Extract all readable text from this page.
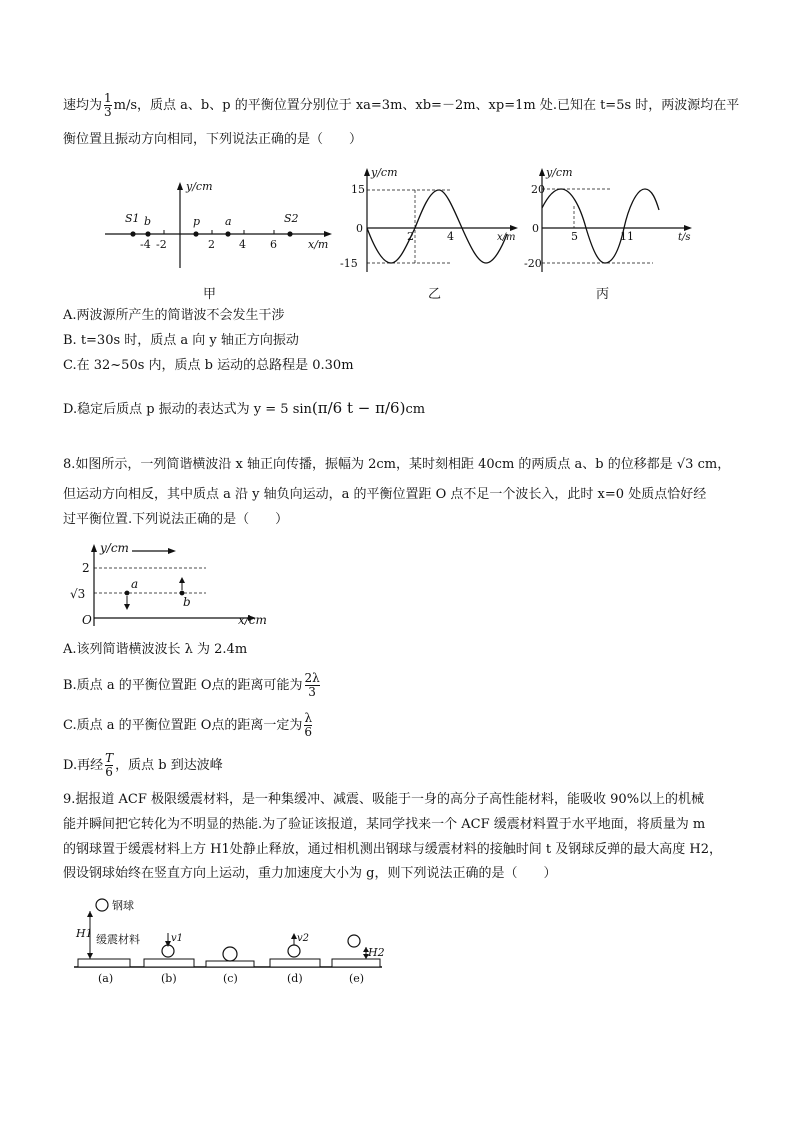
速均为 $\frac{1}{3} m/s$，质点 a、b、p 的平衡位置分别位于 xa=3m、xb=－2m、xp=1m 处.已知在 t=5s 时，两波源均在平
衡位置且振动方向相同，下列说法正确的是（　　）
y/cm
x/m
S1 b	p a	S2
-4 -2	2 4 6
甲
y/cm
x/m
15
-15
0
2	4
乙
y/cm
t/s
20
-20
0
5	11
丙
A.两波源所产生的简谐波不会发生干涉
B. t=30s 时，质点 a 向 y 轴正方向振动
C.在 32~50s 内，质点 b 运动的总路程是 0.30m
D.稳定后质点 p 振动的表达式为 y = 5 sin(π/6 t − π/6)cm
8.如图所示，一列简谐横波沿 x 轴正向传播，振幅为 2cm，某时刻相距 40cm 的两质点 a、b 的位移都是 √3 cm，
但运动方向相反，其中质点 a 沿 y 轴负向运动，a 的平衡位置距 O 点不足一个波长入，此时 x=0 处质点恰好经
过平衡位置.下列说法正确的是（　　）
y/cm
x/cm
O
2
√3
a
b
A.该列简谐横波波长 λ 为 2.4m
B.质点 a 的平衡位置距 O点的距离可能为 $\frac{2\lambda}{3}$
C.质点 a 的平衡位置距 O点的距离一定为 $\frac{\lambda}{6}$
D.再经 $\frac{T}{6}$ ，质点 b 到达波峰
9.据报道 ACF 极限缓震材料，是一种集缓冲、减震、吸能于一身的高分子高性能材料，能吸收 90%以上的机械
能并瞬间把它转化为不明显的热能.为了验证该报道，某同学找来一个 ACF 缓震材料置于水平地面，将质量为 m
的钢球置于缓震材料上方 H1处静止释放，通过相机测出钢球与缓震材料的接触时间 t 及钢球反弹的最大高度 H2，
假设钢球始终在竖直方向上运动，重力加速度大小为 g，则下列说法正确的是（　　）
钢球
H1 缓震材料	v1	v2
H2
(a)	(b)	(c)	(d)	(e)
